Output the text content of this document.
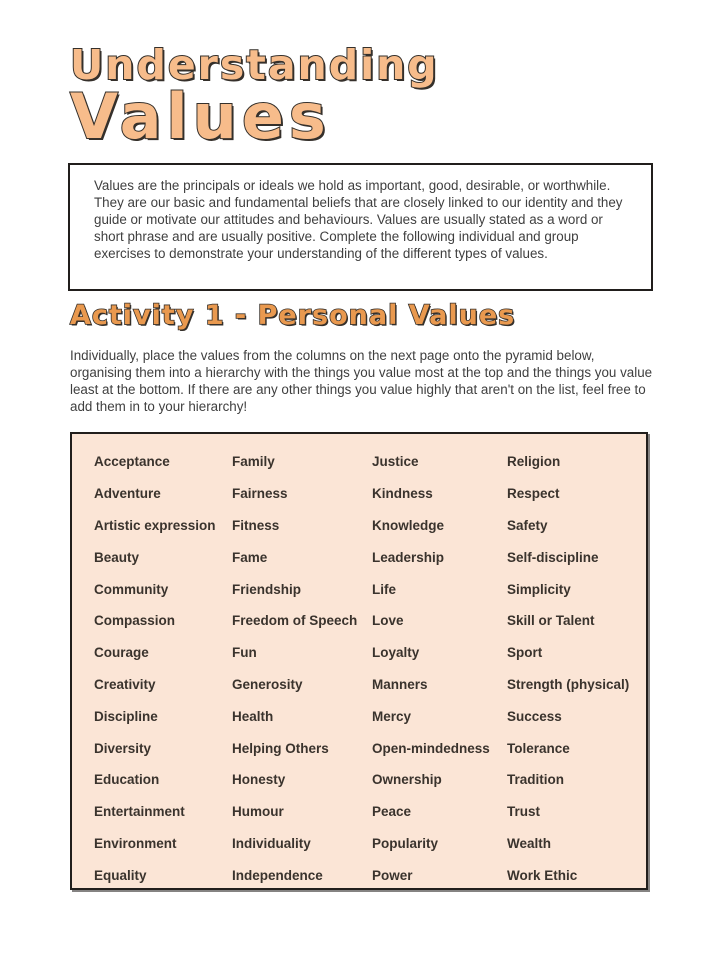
Understanding
Values
Values are the principals or ideals we hold as important, good, desirable, or worthwhile. They are our basic and fundamental beliefs that are closely linked to our identity and they guide or motivate our attitudes and behaviours. Values are usually stated as a word or short phrase and are usually positive. Complete the following individual and group exercises to demonstrate your understanding of the different types of values.
Activity 1 - Personal Values
Individually, place the values from the columns on the next page onto the pyramid below, organising them into a hierarchy with the things you value most at the top and the things you value least at the bottom. If there are any other things you value highly that aren't on the list, feel free to add them in to your hierarchy!
Acceptance
Adventure
Artistic expression
Beauty
Community
Compassion
Courage
Creativity
Discipline
Diversity
Education
Entertainment
Environment
Equality
Family
Fairness
Fitness
Fame
Friendship
Freedom of Speech
Fun
Generosity
Health
Helping Others
Honesty
Humour
Individuality
Independence
Justice
Kindness
Knowledge
Leadership
Life
Love
Loyalty
Manners
Mercy
Open-mindedness
Ownership
Peace
Popularity
Power
Religion
Respect
Safety
Self-discipline
Simplicity
Skill or Talent
Sport
Strength (physical)
Success
Tolerance
Tradition
Trust
Wealth
Work Ethic
